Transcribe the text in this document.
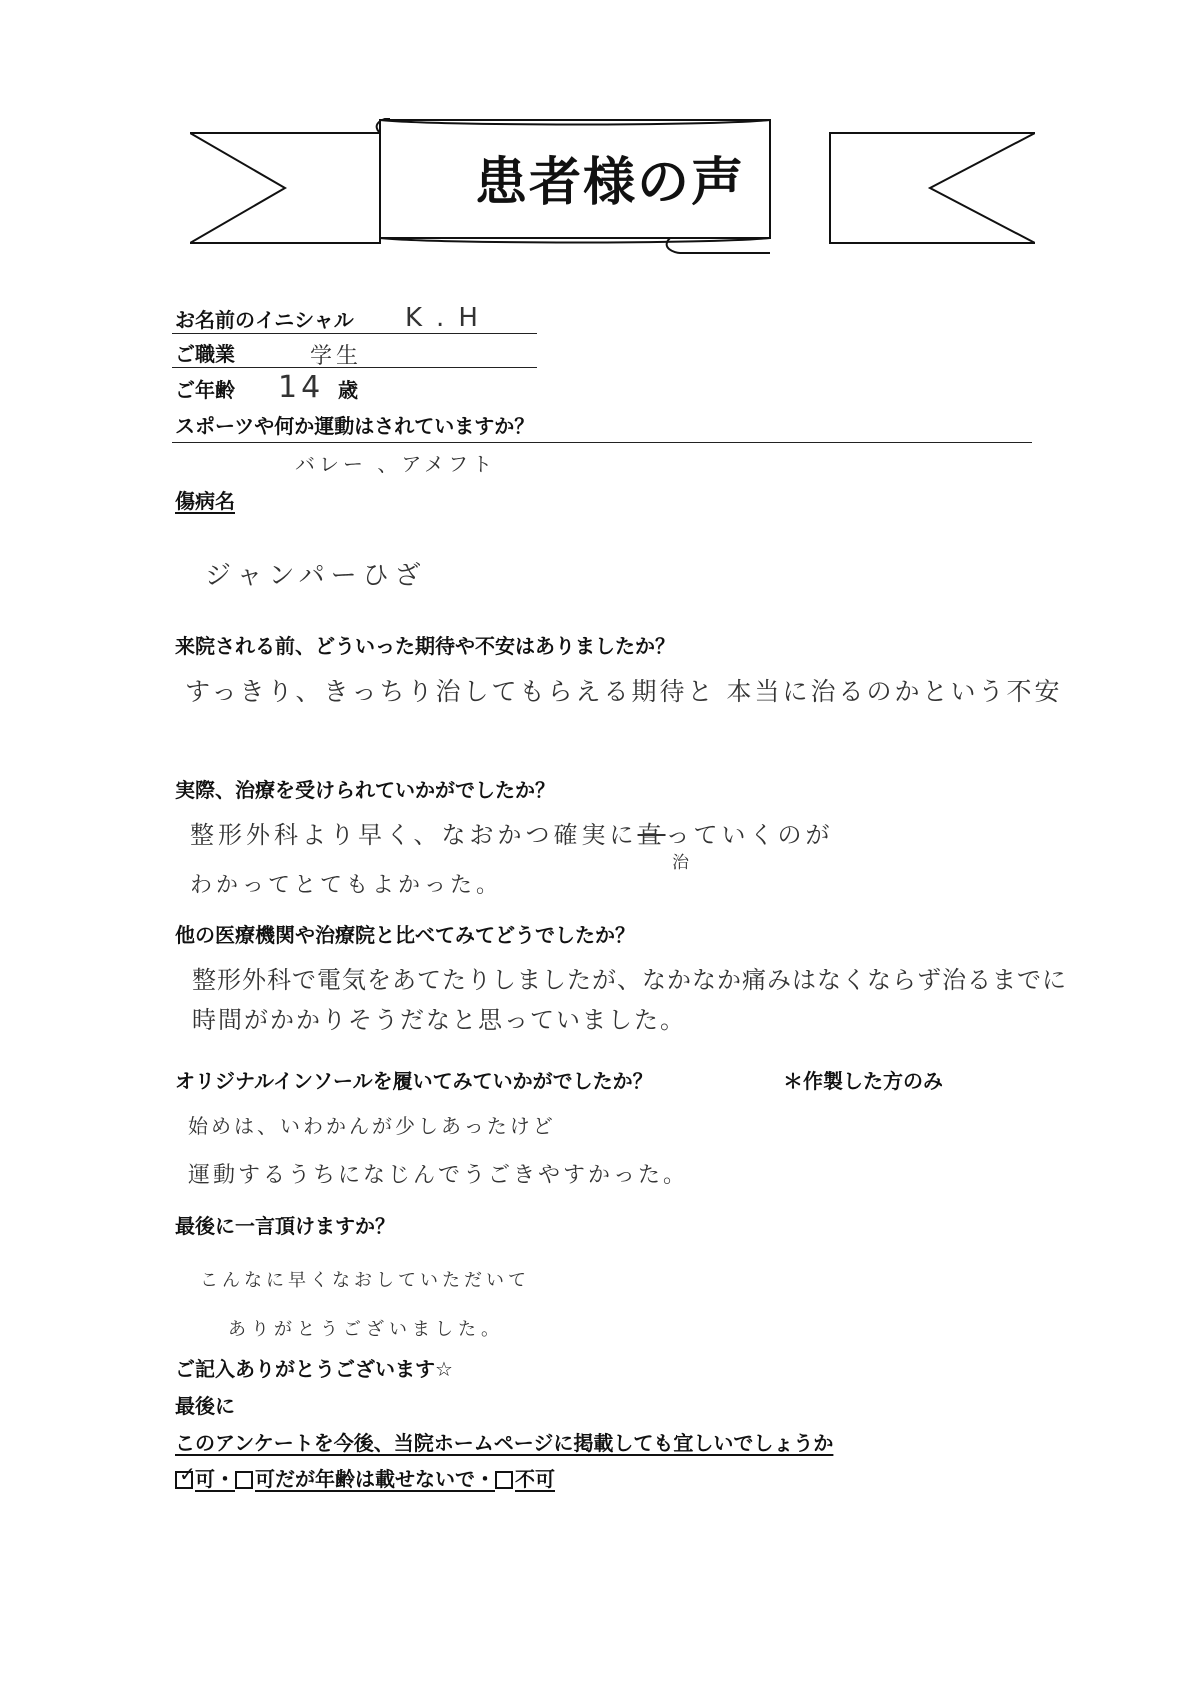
患者様の声
お名前のイニシャル K.H
ご職業	学生
ご年齢 14 歳
スポーツや何か運動はされていますか？
バレー 、アメフト
傷病名
ジャンパーひざ
来院される前、どういった期待や不安はありましたか？
すっきり、きっちり治してもらえる期待と 本当に治るのかという不安
実際、治療を受けられていかがでしたか？
整形外科より早く、なおかつ確実に直っていくのが
治
わかってとてもよかった。
他の医療機関や治療院と比べてみてどうでしたか？
整形外科で電気をあてたりしましたが、なかなか痛みはなくならず治るまでに
時間がかかりそうだなと思っていました。
オリジナルインソールを履いてみていかがでしたか？	＊作製した方のみ
始めは、いわかんが少しあったけど
運動するうちになじんでうごきやすかった。
最後に一言頂けますか？
こんなに早くなおしていただいて
ありがとうございました。
ご記入ありがとうございます☆
最後に
このアンケートを今後、当院ホームページに掲載しても宜しいでしょうか
✓ 可・ 可だが年齢は載せないで・ 不可
